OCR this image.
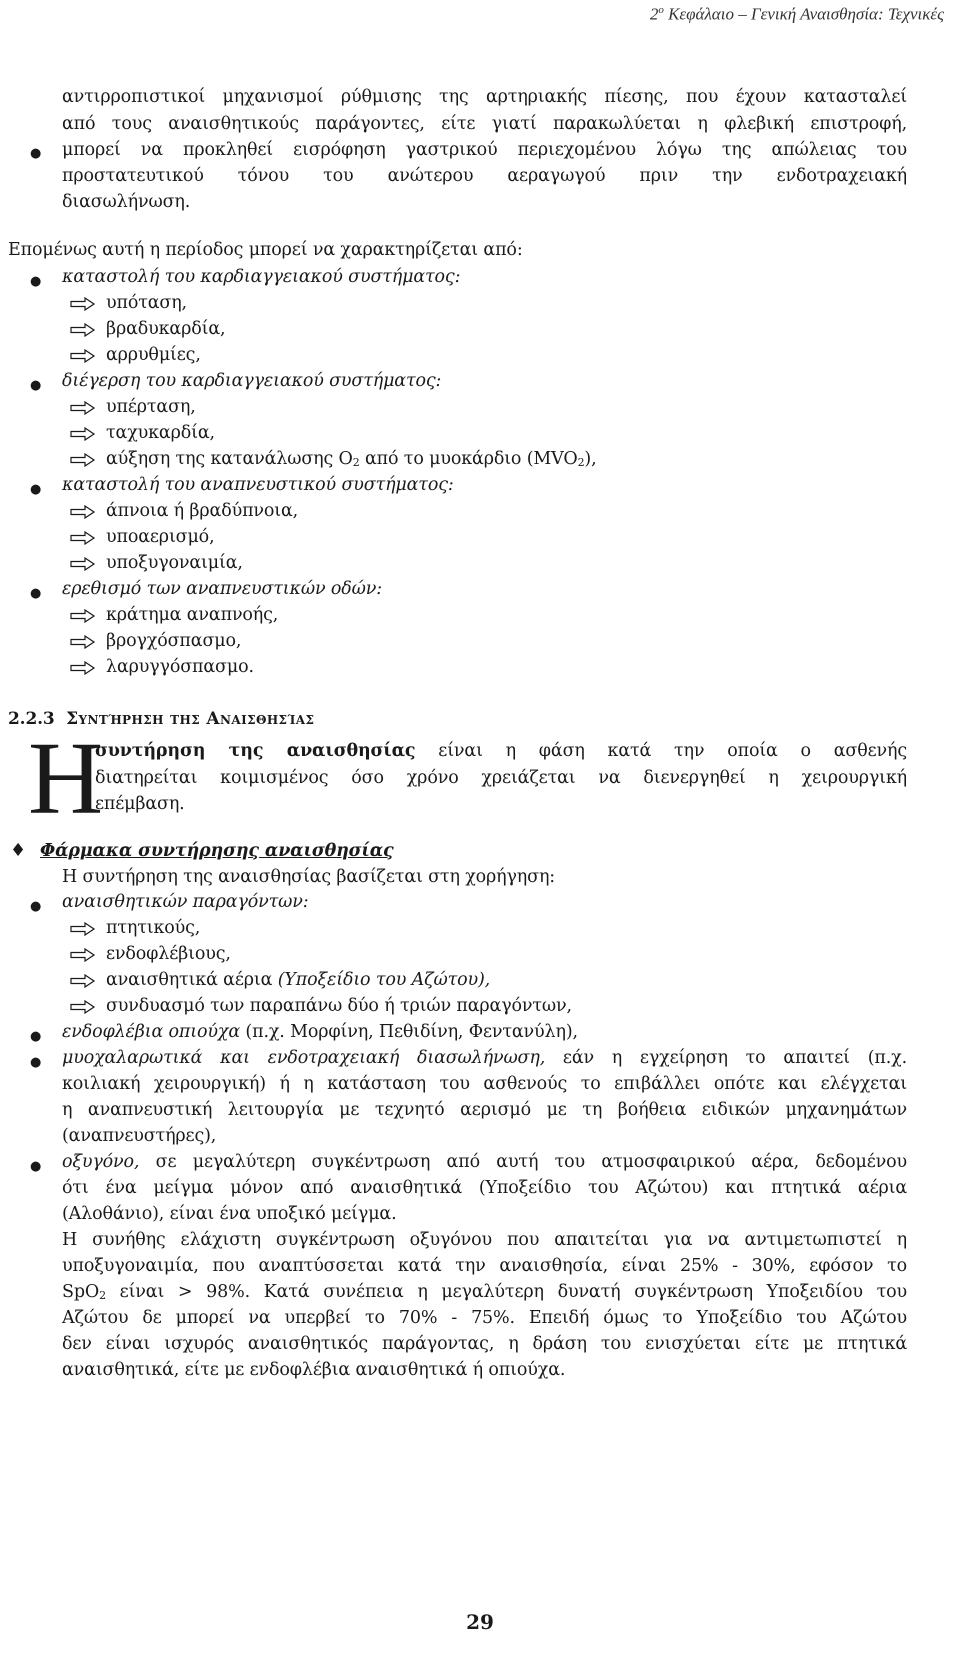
$2^o$ Κεφάλαιο – Γενική Αναισθησία: Τεχνικές

αντιρροπιστικοί μηχανισμοί ρύθμισης της αρτηριακής πίεσης, που έχουν κατασταλεί

από τους αναισθητικούς παράγοντες, είτε γιατί παρακωλύεται η φλεβική επιστροφή,

● μπορεί να προκληθεί εισρόφηση γαστρικού περιεχομένου λόγω της απώλειας του

προστατευτικού τόνου του ανώτερου αεραγωγού πριν την ενδοτραχειακή

διασωλήνωση.

Επομένως αυτή η περίοδος μπορεί να χαρακτηρίζεται από:

● καταστολή του καρδιαγγειακού συστήματος:

υπόταση,

βραδυκαρδία,

αρρυθμίες,

● διέγερση του καρδιαγγειακού συστήματος:

υπέρταση,

ταχυκαρδία,

αύξηση της κατανάλωσης $O_2$ από το μυοκάρδιο $(MVO_2)$,

● καταστολή του αναπνευστικού συστήματος:

άπνοια ή βραδύπνοια,

υποαερισμό,

υποξυγοναιμία,

● ερεθισμό των αναπνευστικών οδών:

κράτημα αναπνοής,

βρογχόσπασμο,

λαρυγγόσπασμο.

2.2.3 Συντήρηση της Αναισθησίας

Η

συντήρηση της αναισθησίας είναι η φάση κατά την οποία ο ασθενής

διατηρείται κοιμισμένος όσο χρόνο χρειάζεται να διενεργηθεί η χειρουργική

επέμβαση.

♦ Φάρμακα συντήρησης αναισθησίας

Η συντήρηση της αναισθησίας βασίζεται στη χορήγηση:

● αναισθητικών παραγόντων:

πτητικούς,

ενδοφλέβιους,

αναισθητικά αέρια (Υποξείδιο του Αζώτου),

συνδυασμό των παραπάνω δύο ή τριών παραγόντων,

● ενδοφλέβια οπιούχα (π.χ. Μορφίνη, Πεθιδίνη, Φεντανύλη),

● μυοχαλαρωτικά και ενδοτραχειακή διασωλήνωση, εάν η εγχείρηση το απαιτεί (π.χ.

κοιλιακή χειρουργική) ή η κατάσταση του ασθενούς το επιβάλλει οπότε και ελέγχεται

η αναπνευστική λειτουργία με τεχνητό αερισμό με τη βοήθεια ειδικών μηχανημάτων

(αναπνευστήρες),

● οξυγόνο, σε μεγαλύτερη συγκέντρωση από αυτή του ατμοσφαιρικού αέρα, δεδομένου

ότι ένα μείγμα μόνον από αναισθητικά (Υποξείδιο του Αζώτου) και πτητικά αέρια

(Αλοθάνιο), είναι ένα υποξικό μείγμα.

Η συνήθης ελάχιστη συγκέντρωση οξυγόνου που απαιτείται για να αντιμετωπιστεί η

υποξυγοναιμία, που αναπτύσσεται κατά την αναισθησία, είναι 25% - 30%, εφόσον το

SpO$_2$ είναι > 98%. Κατά συνέπεια η μεγαλύτερη δυνατή συγκέντρωση Υποξειδίου του

Αζώτου δε μπορεί να υπερβεί το 70% - 75%. Επειδή όμως το Υποξείδιο του Αζώτου

δεν είναι ισχυρός αναισθητικός παράγοντας, η δράση του ενισχύεται είτε με πτητικά

αναισθητικά, είτε με ενδοφλέβια αναισθητικά ή οπιούχα.

29
